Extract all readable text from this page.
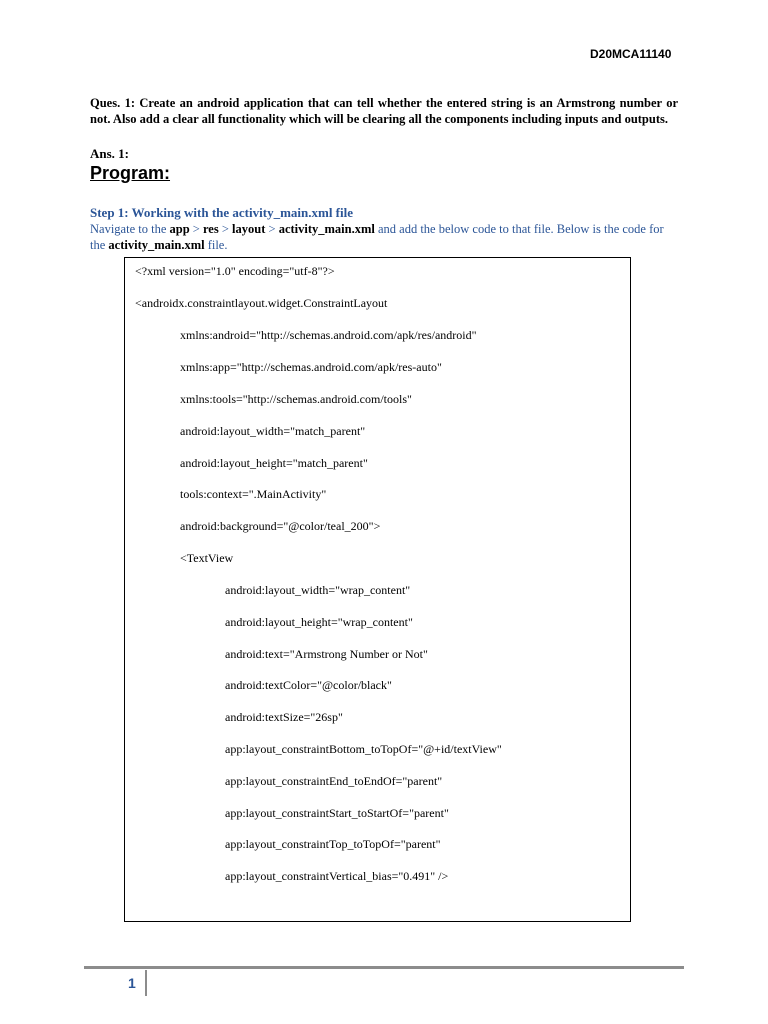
D20MCA11140

Ques. 1: Create an android application that can tell whether the entered string is an Armstrong number or not. Also add a clear all functionality which will be clearing all the components including inputs and outputs.

Ans. 1:
Program:
Step 1: Working with the activity_main.xml file

Navigate to the app > res > layout > activity_main.xml and add the below code to that file. Below is the code for the activity_main.xml file.

<?xml version="1.0" encoding="utf-8"?>
<androidx.constraintlayout.widget.ConstraintLayout
xmlns:android="http://schemas.android.com/apk/res/android"
xmlns:app="http://schemas.android.com/apk/res-auto"
xmlns:tools="http://schemas.android.com/tools"
android:layout_width="match_parent"
android:layout_height="match_parent"
tools:context=".MainActivity"
android:background="@color/teal_200">
<TextView
android:layout_width="wrap_content"
android:layout_height="wrap_content"
android:text="Armstrong Number or Not"
android:textColor="@color/black"
android:textSize="26sp"
app:layout_constraintBottom_toTopOf="@+id/textView"
app:layout_constraintEnd_toEndOf="parent"
app:layout_constraintStart_toStartOf="parent"
app:layout_constraintTop_toTopOf="parent"
app:layout_constraintVertical_bias="0.491" />
1
